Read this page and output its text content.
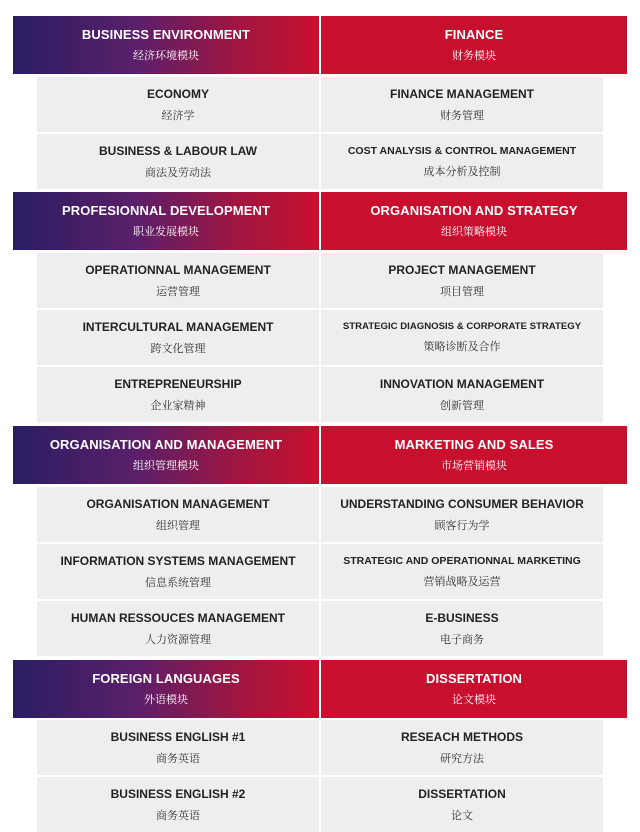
BUSINESS ENVIRONMENT
经济环境模块
FINANCE
财务模块
ECONOMY
经济学
FINANCE MANAGEMENT
财务管理
BUSINESS & LABOUR LAW
商法及劳动法
COST ANALYSIS & CONTROL MANAGEMENT
成本分析及控制
PROFESIONNAL DEVELOPMENT
职业发展模块
ORGANISATION AND STRATEGY
组织策略模块
OPERATIONNAL MANAGEMENT
运营管理
PROJECT MANAGEMENT
项目管理
INTERCULTURAL MANAGEMENT
跨文化管理
STRATEGIC DIAGNOSIS & CORPORATE STRATEGY
策略诊断及合作
ENTREPRENEURSHIP
企业家精神
INNOVATION MANAGEMENT
创新管理
ORGANISATION AND MANAGEMENT
组织管理模块
MARKETING AND SALES
市场营销模块
ORGANISATION MANAGEMENT
组织管理
UNDERSTANDING CONSUMER BEHAVIOR
顾客行为学
INFORMATION SYSTEMS MANAGEMENT
信息系统管理
STRATEGIC AND OPERATIONNAL MARKETING
营销战略及运营
HUMAN RESSOUCES MANAGEMENT
人力资源管理
E-BUSINESS
电子商务
FOREIGN LANGUAGES
外语模块
DISSERTATION
论文模块
BUSINESS ENGLISH #1
商务英语
RESEACH METHODS
研究方法
BUSINESS ENGLISH #2
商务英语
DISSERTATION
论文
